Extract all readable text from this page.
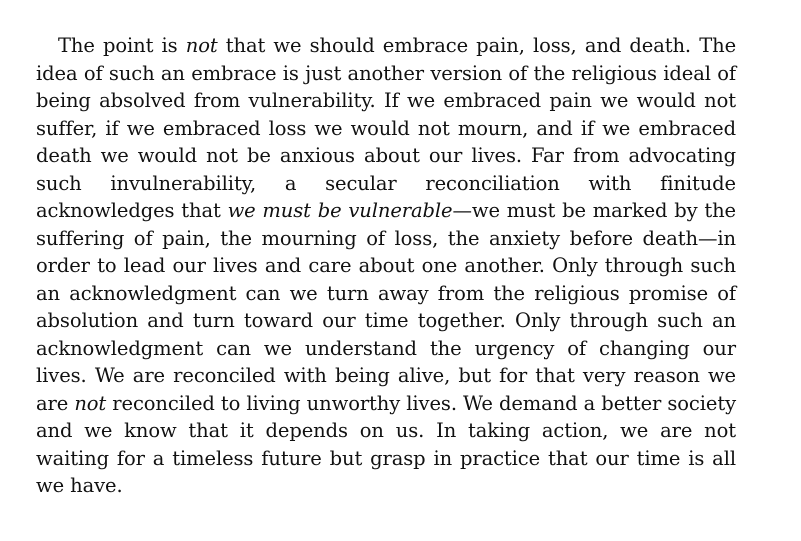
The point is not that we should embrace pain, loss, and death. The idea of such an embrace is just another version of the religious ideal of being absolved from vulnerability. If we embraced pain we would not suffer, if we embraced loss we would not mourn, and if we embraced death we would not be anxious about our lives. Far from advocating such invulnerability, a secular reconciliation with finitude acknowledges that we must be vulnerable—we must be marked by the suffering of pain, the mourning of loss, the anxiety before death—in order to lead our lives and care about one another. Only through such an acknowledgment can we turn away from the religious promise of absolution and turn toward our time together. Only through such an acknowledgment can we understand the urgency of changing our lives. We are reconciled with being alive, but for that very reason we are not reconciled to living unworthy lives. We demand a better society and we know that it depends on us. In taking action, we are not waiting for a timeless future but grasp in practice that our time is all we have.
